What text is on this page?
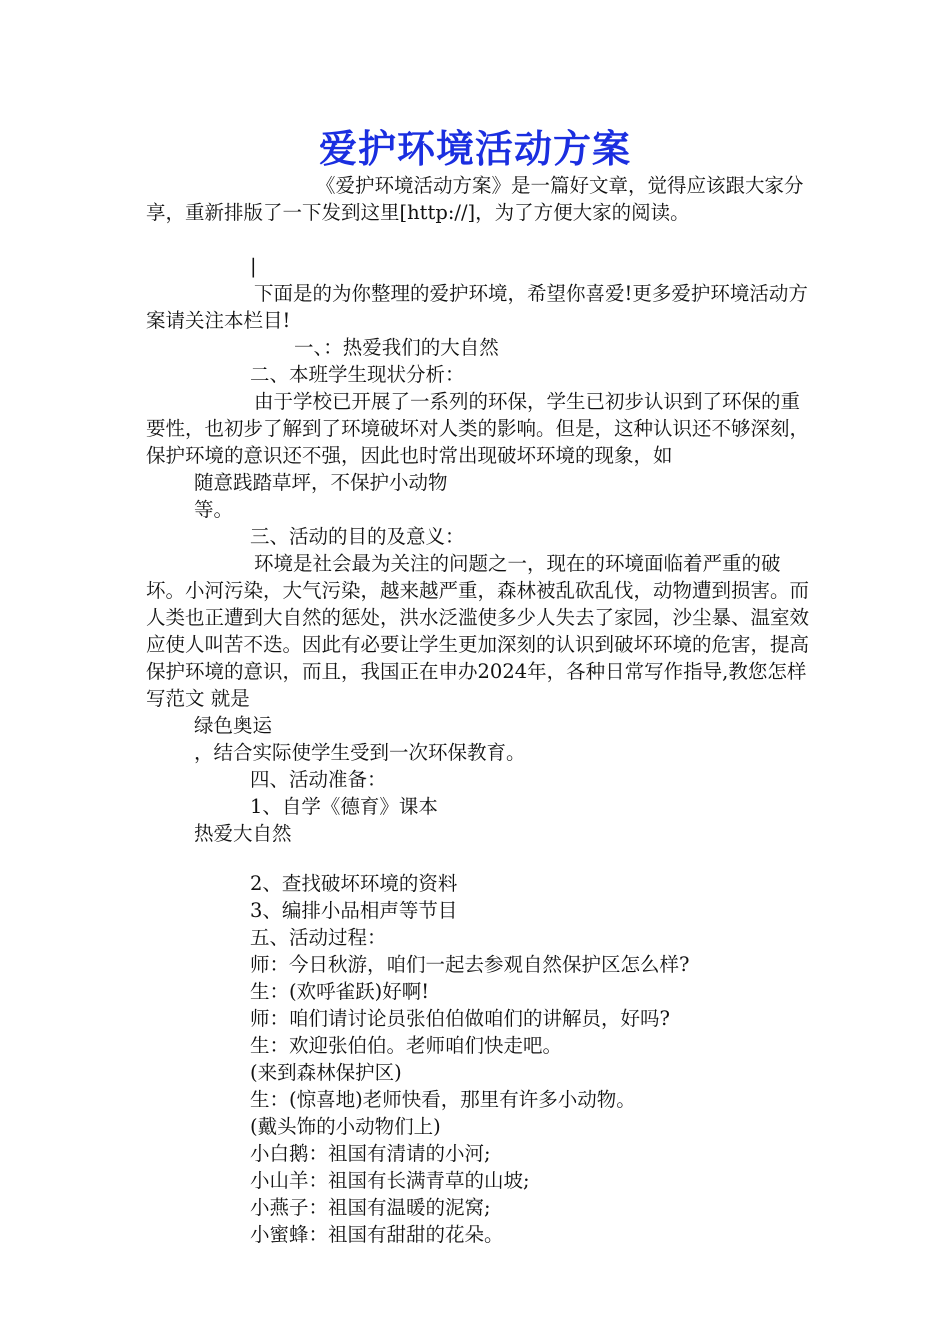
爱护环境活动方案

《爱护环境活动方案》是一篇好文章，觉得应该跟大家分享，重新排版了一下发到这里[http://]，为了方便大家的阅读。

|

下面是的为你整理的爱护环境，希望你喜爱!更多爱护环境活动方案请关注本栏目!

一、：热爱我们的大自然

二、本班学生现状分析：

由于学校已开展了一系列的环保，学生已初步认识到了环保的重要性，也初步了解到了环境破坏对人类的影响。但是，这种认识还不够深刻，保护环境的意识还不强，因此也时常出现破坏环境的现象，如

随意践踏草坪，不保护小动物

等。

三、活动的目的及意义：

环境是社会最为关注的问题之一，现在的环境面临着严重的破坏。小河污染，大气污染，越来越严重，森林被乱砍乱伐，动物遭到损害。而人类也正遭到大自然的惩处，洪水泛滥使多少人失去了家园，沙尘暴、温室效应使人叫苦不迭。因此有必要让学生更加深刻的认识到破坏环境的危害，提高保护环境的意识，而且，我国正在申办2024年，各种日常写作指导,教您怎样写范文 就是

绿色奥运

，结合实际使学生受到一次环保教育。

四、活动准备：

1、自学《德育》课本

热爱大自然

2、查找破坏环境的资料

3、编排小品相声等节目

五、活动过程：

师：今日秋游，咱们一起去参观自然保护区怎么样?

生：(欢呼雀跃)好啊!

师：咱们请讨论员张伯伯做咱们的讲解员，好吗?

生：欢迎张伯伯。老师咱们快走吧。

(来到森林保护区)

生：(惊喜地)老师快看，那里有许多小动物。

(戴头饰的小动物们上)

小白鹅：祖国有清请的小河;

小山羊：祖国有长满青草的山坡;

小燕子：祖国有温暖的泥窝;

小蜜蜂：祖国有甜甜的花朵。
